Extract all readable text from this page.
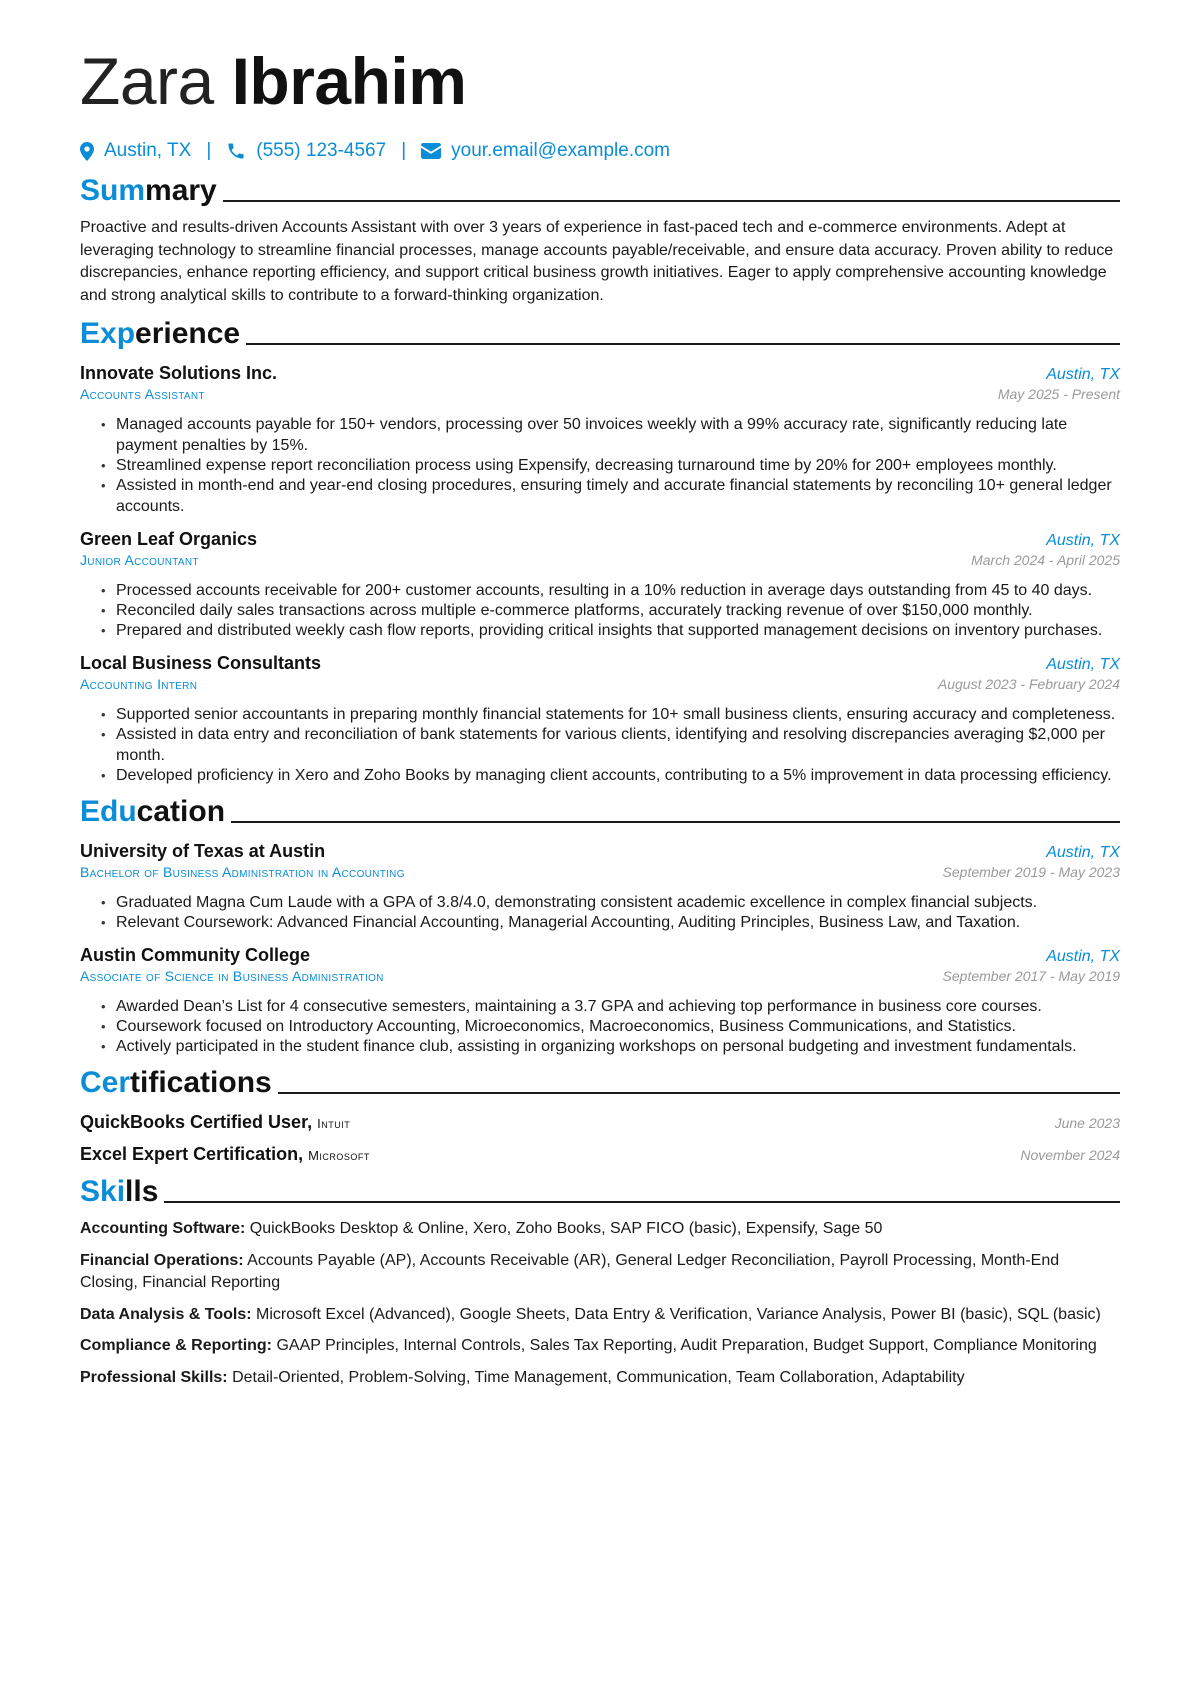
Zara Ibrahim
Austin, TX | (555) 123-4567 | your.email@example.com
Sum mary
Proactive and results-driven Accounts Assistant with over 3 years of experience in fast-paced tech and e-commerce environments. Adept at leveraging technology to streamline financial processes, manage accounts payable/receivable, and ensure data accuracy. Proven ability to reduce discrepancies, enhance reporting efficiency, and support critical business growth initiatives. Eager to apply comprehensive accounting knowledge and strong analytical skills to contribute to a forward-thinking organization.
Exp erience
Innovate Solutions Inc.	Austin, TX
Accounts Assistant	May 2025 - Present
• Managed accounts payable for 150+ vendors, processing over 50 invoices weekly with a 99% accuracy rate, significantly reducing late payment penalties by 15%.
• Streamlined expense report reconciliation process using Expensify, decreasing turnaround time by 20% for 200+ employees monthly.
• Assisted in month-end and year-end closing procedures, ensuring timely and accurate financial statements by reconciling 10+ general ledger accounts.
Green Leaf Organics	Austin, TX
Junior Accountant	March 2024 - April 2025
• Processed accounts receivable for 200+ customer accounts, resulting in a 10% reduction in average days outstanding from 45 to 40 days.
• Reconciled daily sales transactions across multiple e-commerce platforms, accurately tracking revenue of over $150,000 monthly.
• Prepared and distributed weekly cash flow reports, providing critical insights that supported management decisions on inventory purchases.
Local Business Consultants	Austin, TX
Accounting Intern	August 2023 - February 2024
• Supported senior accountants in preparing monthly financial statements for 10+ small business clients, ensuring accuracy and completeness.
• Assisted in data entry and reconciliation of bank statements for various clients, identifying and resolving discrepancies averaging $2,000 per month.
• Developed proficiency in Xero and Zoho Books by managing client accounts, contributing to a 5% improvement in data processing efficiency.
Edu cation
University of Texas at Austin	Austin, TX
Bachelor of Business Administration in Accounting	September 2019 - May 2023
• Graduated Magna Cum Laude with a GPA of 3.8/4.0, demonstrating consistent academic excellence in complex financial subjects.
• Relevant Coursework: Advanced Financial Accounting, Managerial Accounting, Auditing Principles, Business Law, and Taxation.
Austin Community College	Austin, TX
Associate of Science in Business Administration	September 2017 - May 2019
• Awarded Dean’s List for 4 consecutive semesters, maintaining a 3.7 GPA and achieving top performance in business core courses.
• Coursework focused on Introductory Accounting, Microeconomics, Macroeconomics, Business Communications, and Statistics.
• Actively participated in the student finance club, assisting in organizing workshops on personal budgeting and investment fundamentals.
Cer tifications
QuickBooks Certified User, Intuit	June 2023
Excel Expert Certification, Microsoft	November 2024
Ski lls
Accounting Software: QuickBooks Desktop & Online, Xero, Zoho Books, SAP FICO (basic), Expensify, Sage 50
Financial Operations: Accounts Payable (AP), Accounts Receivable (AR), General Ledger Reconciliation, Payroll Processing, Month-End Closing, Financial Reporting
Data Analysis & Tools: Microsoft Excel (Advanced), Google Sheets, Data Entry & Verification, Variance Analysis, Power BI (basic), SQL (basic)
Compliance & Reporting: GAAP Principles, Internal Controls, Sales Tax Reporting, Audit Preparation, Budget Support, Compliance Monitoring
Professional Skills: Detail-Oriented, Problem-Solving, Time Management, Communication, Team Collaboration, Adaptability
